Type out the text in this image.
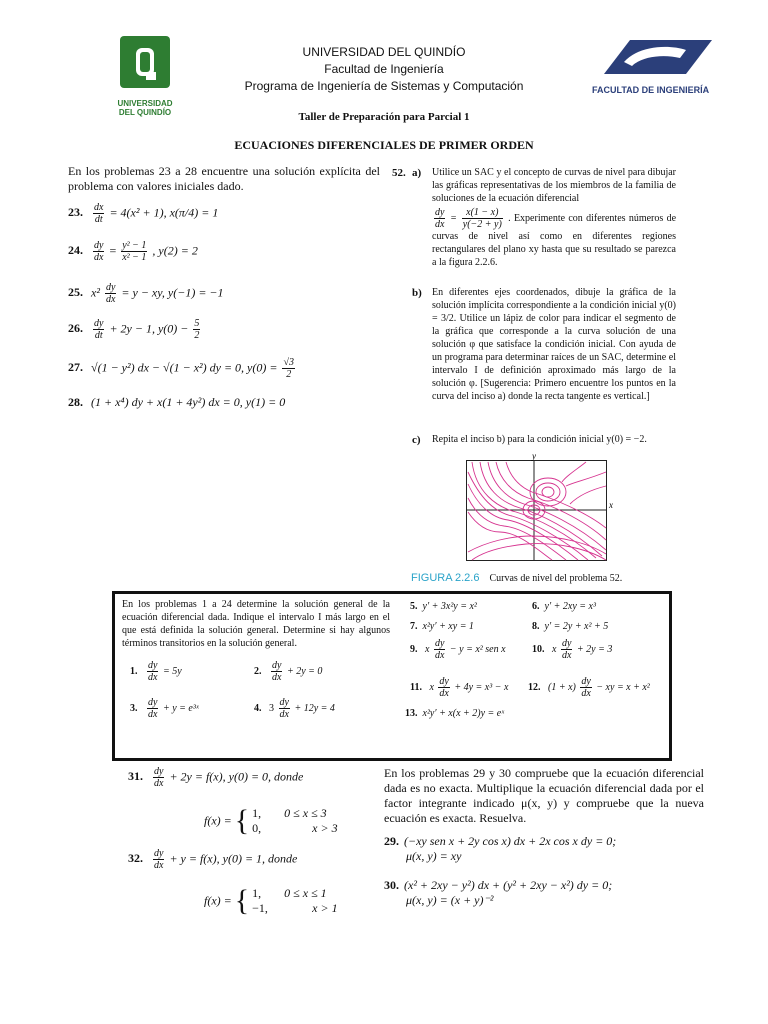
UNIVERSIDAD
DEL QUINDÍO
UNIVERSIDAD DEL QUINDÍO
Facultad de Ingeniería
Programa de Ingeniería de Sistemas y Computación	FACULTAD DE INGENIERÍA
Taller de Preparación para Parcial 1
ECUACIONES DIFERENCIALES DE PRIMER ORDEN
En los problemas 23 a 28 encuentre una solución explícita del problema con valores iniciales dado.
23. $\frac{dx}{dt} = 4(x^2 + 1)$, x(π/4) = 1
24. $\frac{dy}{dx} = \frac{\text{y² − 1}}{\text{x² − 1}}$ , y(2) = 2
25. $x^2 \frac{dy}{dx} = y$ − xy, y(−1) = −1
26. $\frac{dy}{dt} + 2y - 1$, $y(0) - \frac{5}{2}$
27. √(1 − y²) dx − √(1 − x²) dy = 0, $y(0) = \frac{√3}{2}$
28. (1 + x⁴) dy + x(1 + 4y²) dx = 0, y(1) = 0
52. a) Utilice un SAC y el concepto de curvas de nivel para dibujar las gráficas representativas de los miembros de la familia de soluciones de la ecuación diferencial
$\frac{dy}{dx} = \frac{x(1 - x)}{y(-2 + y)}$ . Experimente con diferentes números de curvas de nivel así como en diferentes regiones rectangulares del plano xy hasta que su resultado se parezca a la figura 2.2.6.
b) En diferentes ejes coordenados, dibuje la gráfica de la solución implícita correspondiente a la condición inicial y(0) = 3/2. Utilice un lápiz de color para indicar el segmento de la gráfica que corresponde a la curva solución de una solución φ que satisface la condición inicial. Con ayuda de un programa para determinar raíces de un SAC, determine el intervalo I de definición aproximado más largo de la solución φ. [Sugerencia: Primero encuentre los puntos en la curva del inciso a) donde la recta tangente es vertical.]
c) Repita el inciso b) para la condición inicial y(0) = −2.
y
x
FIGURA 2.2.6 Curvas de nivel del problema 52.
En los problemas 1 a 24 determine la solución general de la ecuación diferencial dada. Indique el intervalo I más largo en el que está definida la solución general. Determine si hay algunos términos transitorios en la solución general.
1. $\frac{dy}{dx} = 5y$	2. $\frac{dy}{dx} + 2y = 0$
3. $\frac{dy}{dx} + y$ = e³ˣ	4. $3 \frac{dy}{dx} + 12y = 4$
5. y′ + 3x²y = x²	6. y′ + 2xy = x³
7. x²y′ + xy = 1	8. y′ = 2y + x² + 5
9. x $\frac{dy}{dx} - y = x^2$ sen x	10. x $\frac{dy}{dx} + 2y = 3$
11. x $\frac{dy}{dx} + 4y = x^3 - x$ 12. $(1 + x) \frac{dy}{dx}$ − xy = x + x²
13. x²y′ + x(x + 2)y = eˣ
31. $\frac{dy}{dx} + 2y = f(x)$, y(0) = 0, donde
f(x) = { 1, 0 ≤ x ≤ 3
0,	x > 3
32. $\frac{dy}{dx} + y = f(x)$, y(0) = 1, donde
f(x) = { 1, 0 ≤ x ≤ 1
−1,	x > 1
En los problemas 29 y 30 compruebe que la ecuación diferencial dada es no exacta. Multiplique la ecuación diferencial dada por el factor integrante indicado μ(x, y) y compruebe que la nueva ecuación es exacta. Resuelva.
29. (−xy sen x + 2y cos x) dx + 2x cos x dy = 0;
μ(x, y) = xy
30. (x² + 2xy − y²) dx + (y² + 2xy − x²) dy = 0;
μ(x, y) = (x + y)⁻²
